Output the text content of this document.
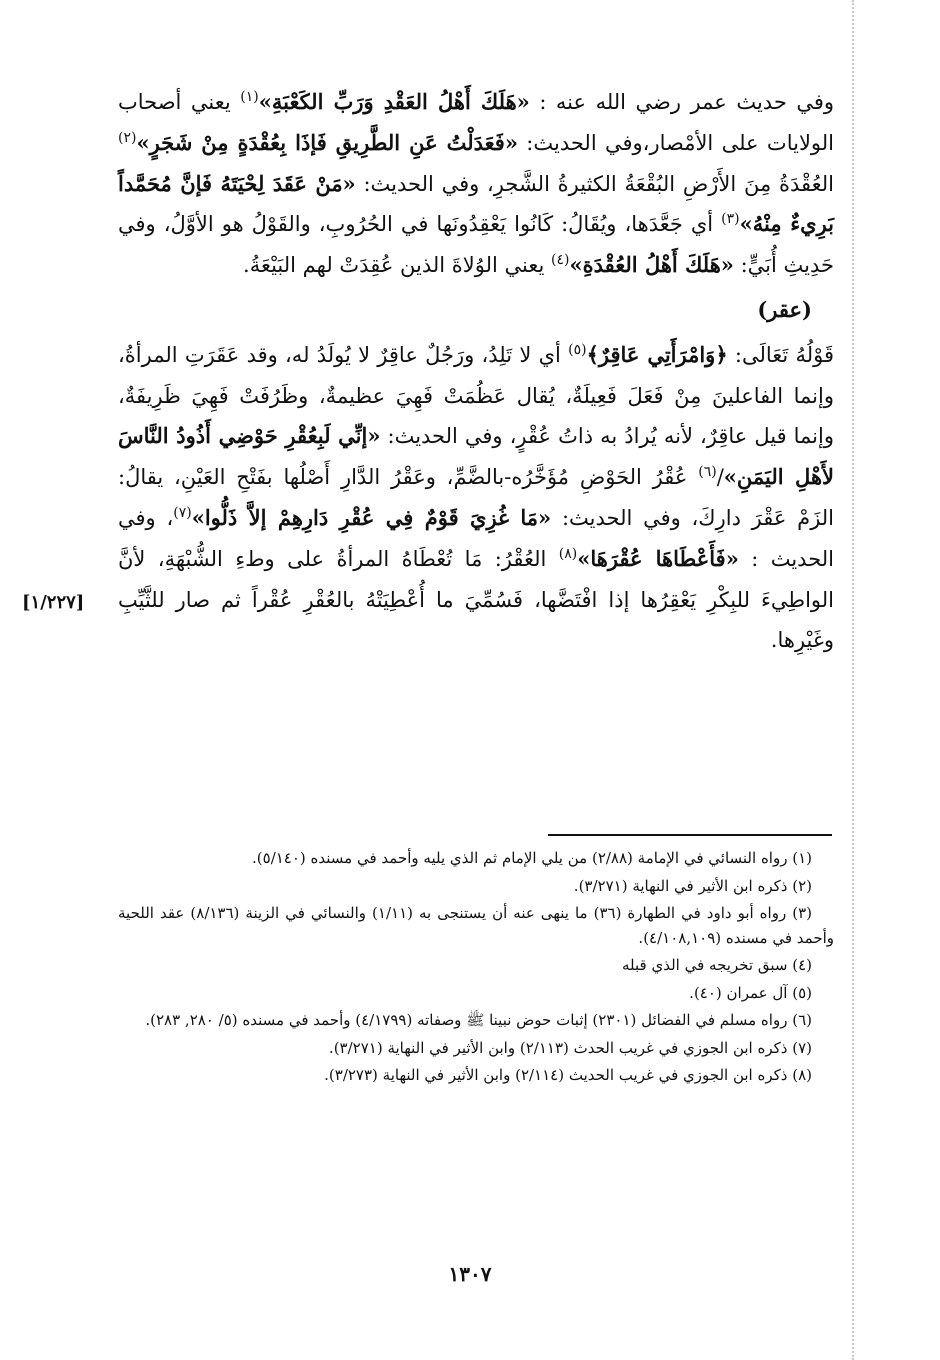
وفي حديث عمر رضي الله عنه : «هَلَكَ أَهْلُ العَقْدِ وَرَبِّ الكَعْبَةِ»$^{(١)}$ يعني أصحاب الولايات على الأمْصار،وفي الحديث: «فَعَدَلْتُ عَنِ الطَّرِيقِ فَإذَا بِعُقْدَةٍ مِنْ شَجَرٍ»$^{(٢)}$ العُقْدَةُ مِنَ الأَرْضِ البُقْعَةُ الكثيرةُ الشَّجرِ، وفي الحديث: «مَنْ عَقَدَ لِحْيَتَهُ فَإنَّ مُحَمَّداً بَرِيءٌ مِنْهُ»$^{(٣)}$ أي جَعَّدَها، ويُقَالُ: كَانُوا يَعْقِدُونَها في الحُرُوبِ، والقَوْلُ هو الأوَّلُ، وفي حَدِيثِ أُبَيٍّ: «هَلَكَ أَهْلُ العُقْدَةِ»$^{(٤)}$ يعني الوُلاةَ الذين عُقِدَتْ لهم البَيْعَةُ.

(عقر)

قَوْلُهُ تَعَالَى: ﴿وَامْرَأَتِي عَاقِرٌ﴾$^{(٥)}$ أي لا تَلِدُ، ورَجُلٌ عاقِرٌ لا يُولَدُ له، وقد عَقَرَتِ المرأةُ، وإنما الفاعلينَ مِنْ فَعَلَ فَعِيلَةٌ، يُقال عَظُمَتْ فَهِيَ عظيمةٌ، وظَرُفَتْ فَهِيَ ظَرِيفَةٌ، وإنما قيل عاقِرٌ، لأنه يُرادُ به ذاتُ عُقْرٍ، وفي الحديث: «إنِّي لَبِعُقْرِ حَوْضِي أَذُودُ النَّاسَ لأَهْلِ اليَمَنِ»/$^{(٦)}$ عُقْرُ الحَوْضِ مُؤَخَّرُه-بالضَّمِّ، وعَقْرُ الدَّارِ أَصْلُها بفَتْحِ العَيْنِ، يقالُ: الزَمْ عَقْرَ دارِكَ، وفي الحديث: «مَا غُزِيَ قَوْمٌ فِي عُقْرِ دَارِهِمْ إلاَّ ذَلُّوا»$^{(٧)}$، وفي الحديث : «فَأَعْطَاهَا عُقْرَهَا»$^{(٨)}$ العُقْرُ: مَا تُعْطَاهُ المرأةُ على وطءِ الشُّبْهَةِ، لأنَّ الواطِيءَ للبِكْرِ يَعْقِرُها إذا افْتَضَّها، فَسُمِّيَ ما أُعْطِيَتْهُ بالعُقْرِ عُقْراً ثم صار للثَّيِّبِ وغَيْرِها.

[١/٢٢٧]

(١) رواه النسائي في الإمامة (٢/٨٨) من يلي الإمام ثم الذي يليه وأحمد في مسنده (٥/١٤٠).

(٢) ذكره ابن الأثير في النهاية (٣/٢٧١).

(٣) رواه أبو داود في الطهارة (٣٦) ما ينهى عنه أن يستنجى به (١/١١) والنسائي في الزينة (٨/١٣٦) عقد اللحية وأحمد في مسنده (٤/١٠٨,١٠٩).

(٤) سبق تخريجه في الذي قبله

(٥) آل عمران (٤٠).

(٦) رواه مسلم في الفضائل (٢٣٠١) إثبات حوض نبينا ﷺ وصفاته (٤/١٧٩٩) وأحمد في مسنده (٥/ ٢٨٠, ٢٨٣).

(٧) ذكره ابن الجوزي في غريب الحدث (٢/١١٣) وابن الأثير في النهاية (٣/٢٧١).

(٨) ذكره ابن الجوزي في غريب الحديث (٢/١١٤) وابن الأثير في النهاية (٣/٢٧٣).

١٣٠٧
